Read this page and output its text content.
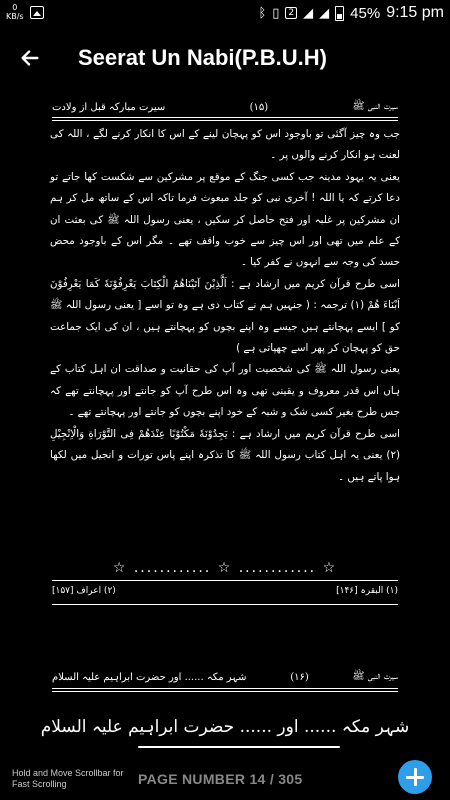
0
KB/s	ᛒ ▯	2 ◢ ◢ 45% 9:15 pm
Seerat Un Nabi(P.B.U.H)
سیرت النبی ﷺ
(۱۵)
سیرت مبارکہ قبل از ولادت

جب وہ چیز آگئی تو باوجود اس کو پہچان لینے کے اس کا انکار کرنے لگے ، اللہ کی لعنت ہو انکار کرنے والوں پر ۔

یعنی یہ یہود مدینہ جب کسی جنگ کے موقع پر مشرکین سے شکست کھا جاتے تو دعا کرتے کہ یا اللہ ! آخری نبی کو جلد مبعوث فرما تاکہ اس کے ساتھ مل کر ہم ان مشرکین پر غلبہ اور فتح حاصل کر سکیں ، یعنی رسول اللہ ﷺ کی بعثت ان کے علم میں تھی اور اس چیز سے خوب واقف تھے ۔ مگر اس کے باوجود محض حسد کی وجہ سے انہوں نے کفر کیا ۔

اسی طرح قرآن کریم میں ارشاد ہے : اَلَّذِیْنَ آتَیْنَاھُمُ الْکِتَابَ یَعْرِفُوْنَهٗ کَمَا یَعْرِفُوْنَ اَبْنَاءَ ھُمْ (۱) ترجمہ : ( جنہیں ہم نے کتاب دی ہے وہ تو اسے [ یعنی رسول اللہ ﷺ کو ] ایسے پہچانتے ہیں جیسے وہ اپنے بچوں کو پہچانتے ہیں ، ان کی ایک جماعت حق کو پہچان کر پھر اسے چھپاتی ہے )

یعنی رسول اللہ ﷺ کی شخصیت اور آپ کی حقانیت و صداقت ان اہل کتاب کے ہاں اس قدر معروف و یقینی تھی وہ اس طرح آپ کو جانتے اور پہچانتے تھے کہ جس طرح بغیر کسی شک و شبہ کے خود اپنے بچوں کو جانتے اور پہچانتے تھے ۔

اسی طرح قرآن کریم میں ارشاد ہے : یَجِدُوْنَهٗ مَکْتُوْبًا عِنْدَھُمْ فِی التَّوْرَاةِ وَالْاِنْجِیْلِ (۲) یعنی یہ اہل کتاب رسول اللہ ﷺ کا تذکرہ اپنے پاس تورات و انجیل میں لکھا ہوا پاتے ہیں ۔

☆ ............ ☆ ............ ☆
(۱) البقرہ [۱۴۶]
(۲) اعراف [۱۵۷]
سیرت النبی ﷺ
(۱۶)
شہر مکہ ...... اور حضرت ابراہیم علیہ السلام
شہر مکہ ...... اور ...... حضرت ابراہیم علیہ السلام
Hold and Move Scrollbar for Fast Scrolling	PAGE NUMBER 14 / 305
